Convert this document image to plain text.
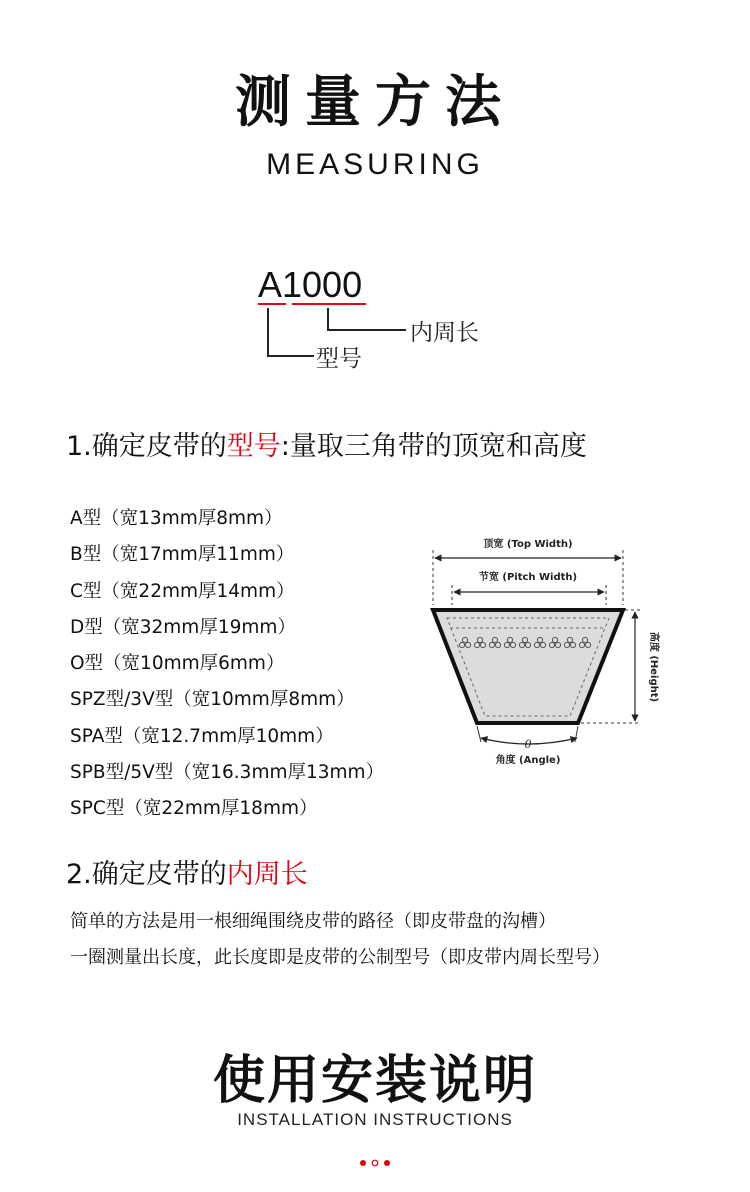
测量方法
MEASURING
A1000
内周长
型号
1.确定皮带的型号:量取三角带的顶宽和高度
A型（宽13mm厚8mm）
B型（宽17mm厚11mm）
C型（宽22mm厚14mm）
D型（宽32mm厚19mm）
O型（宽10mm厚6mm）
SPZ型/3V型（宽10mm厚8mm）
SPA型（宽12.7mm厚10mm）
SPB型/5V型（宽16.3mm厚13mm）
SPC型（宽22mm厚18mm）
顶宽 (Top Width)
节宽 (Pitch Width)
高度 (Height)
θ
角度 (Angle)
2.确定皮带的内周长
简单的方法是用一根细绳围绕皮带的路径（即皮带盘的沟槽）
一圈测量出长度，此长度即是皮带的公制型号（即皮带内周长型号）
使用安装说明
INSTALLATION INSTRUCTIONS
